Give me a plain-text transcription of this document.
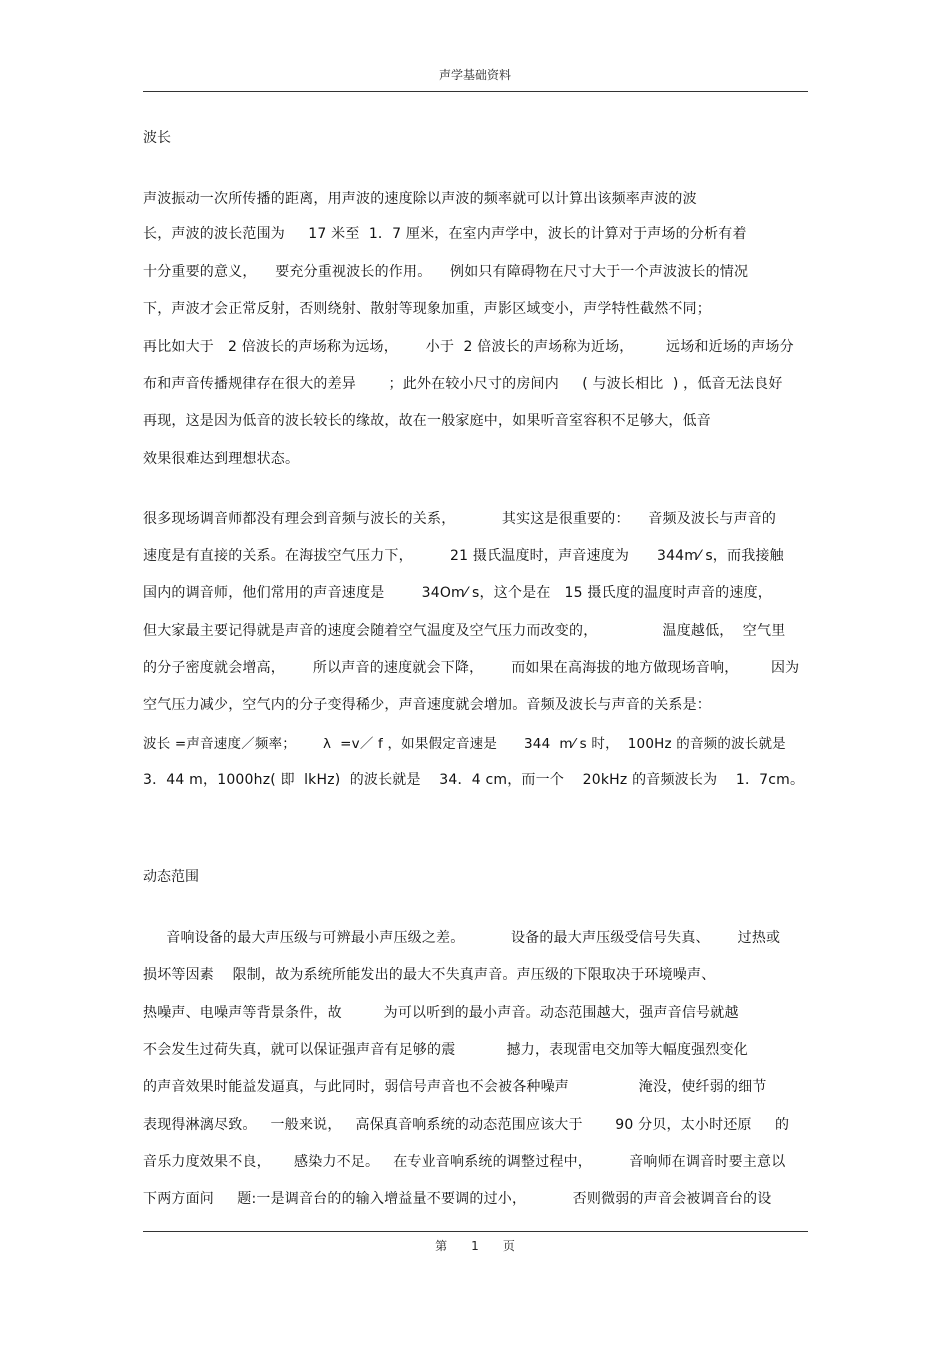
声学基础资料
波长
声波振动一次所传播的距离，用声波的速度除以声波的频率就可以计算出该频率声波的波
长，声波的波长范围为     17 米至  1．7 厘米，在室内声学中，波长的计算对于声场的分析有着
十分重要的意义，    要充分重视波长的作用。    例如只有障碍物在尺寸大于一个声波波长的情况
下，声波才会正常反射，否则绕射、散射等现象加重，声影区域变小，声学特性截然不同；
再比如大于   2 倍波长的声场称为远场，      小于  2 倍波长的声场称为近场，       远场和近场的声场分
布和声音传播规律存在很大的差异       ；此外在较小尺寸的房间内     ( 与波长相比  ) ，低音无法良好
再现，这是因为低音的波长较长的缘故，故在一般家庭中，如果听音室容积不足够大，低音
效果很难达到理想状态。
很多现场调音师都没有理会到音频与波长的关系，          其实这是很重要的：    音频及波长与声音的
速度是有直接的关系。在海拔空气压力下，        21 摄氏温度时，声音速度为      344m⁄ s，而我接触
国内的调音师，他们常用的声音速度是        34Om⁄ s，这个是在   15 摄氏度的温度时声音的速度，
但大家最主要记得就是声音的速度会随着空气温度及空气压力而改变的，              温度越低，  空气里
的分子密度就会增高，      所以声音的速度就会下降，      而如果在高海拔的地方做现场音响，       因为
空气压力减少，空气内的分子变得稀少，声音速度就会增加。音频及波长与声音的关系是：
波长 =声音速度／频率；      λ  =v／ f ，如果假定音速是      344  m⁄ s 时，  100Hz 的音频的波长就是
3．44 m，1000hz( 即  lkHz)  的波长就是    34．4 cm，而一个    20kHz 的音频波长为    1．7cm。
动态范围
音响设备的最大声压级与可辨最小声压级之差。          设备的最大声压级受信号失真、      过热或
损坏等因素    限制，故为系统所能发出的最大不失真声音。声压级的下限取决于环境噪声、
热噪声、电噪声等背景条件，故         为可以听到的最小声音。动态范围越大，强声音信号就越
不会发生过荷失真，就可以保证强声音有足够的震           撼力，表现雷电交加等大幅度强烈变化
的声音效果时能益发逼真，与此同时，弱信号声音也不会被各种噪声               淹没，使纤弱的细节
表现得淋漓尽致。   一般来说，   高保真音响系统的动态范围应该大于       90 分贝，太小时还原     的
音乐力度效果不良，     感染力不足。   在专业音响系统的调整过程中，        音响师在调音时要主意以
下两方面问     题:一是调音台的的输入增益量不要调的过小，          否则微弱的声音会被调音台的设
第 1 页
